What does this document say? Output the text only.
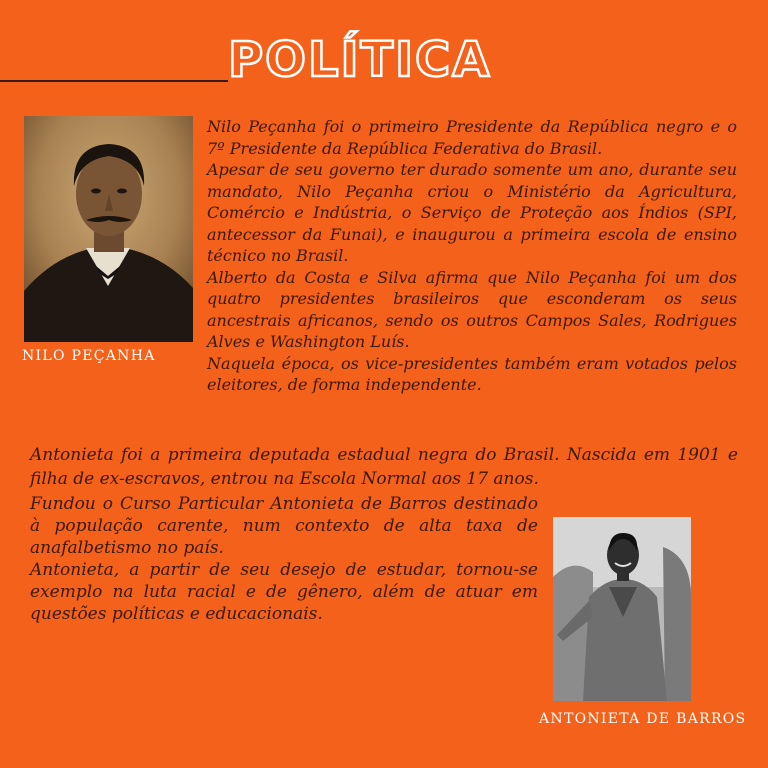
POLÍTICA
NILO PEÇANHA

Nilo Peçanha foi o primeiro Presidente da República negro e o 7º Presidente da República Federativa do Brasil.

Apesar de seu governo ter durado somente um ano, durante seu mandato, Nilo Peçanha criou o Ministério da Agricultura, Comércio e Indústria, o Serviço de Proteção aos Índios (SPI, antecessor da Funai), e inaugurou a primeira escola de ensino técnico no Brasil.

Alberto da Costa e Silva afirma que Nilo Peçanha foi um dos quatro presidentes brasileiros que esconderam os seus ancestrais africanos, sendo os outros Campos Sales, Rodrigues Alves e Washington Luís.

Naquela época, os vice-presidentes também eram votados pelos eleitores, de forma independente.

Antonieta foi a primeira deputada estadual negra do Brasil. Nascida em 1901 e filha de ex-escravos, entrou na Escola Normal aos 17 anos.

Fundou o Curso Particular Antonieta de Barros destinado à população carente, num contexto de alta taxa de anafalbetismo no país.

Antonieta, a partir de seu desejo de estudar, tornou-se exemplo na luta racial e de gênero, além de atuar em questões políticas e educacionais.

ANTONIETA DE BARROS
